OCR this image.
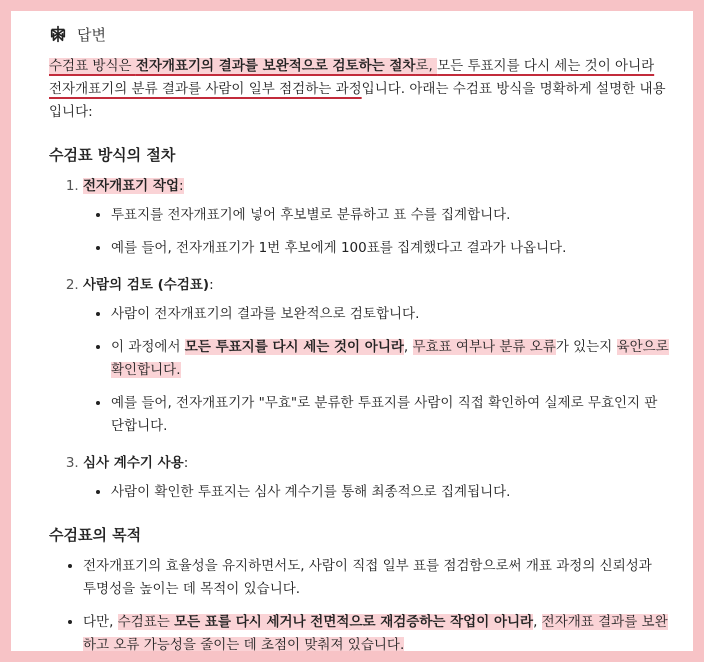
답변

수검표 방식은 전자개표기의 결과를 보완적으로 검토하는 절차로, 모든 투표지를 다시 세는 것이 아니라 전자개표기의 분류 결과를 사람이 일부 점검하는 과정입니다. 아래는 수검표 방식을 명확하게 설명한 내용입니다:

수검표 방식의 절차
1. 전자개표기 작업:
• 투표지를 전자개표기에 넣어 후보별로 분류하고 표 수를 집계합니다.
• 예를 들어, 전자개표기가 1번 후보에게 100표를 집계했다고 결과가 나옵니다.
2. 사람의 검토 (수검표):
• 사람이 전자개표기의 결과를 보완적으로 검토합니다.
• 이 과정에서 모든 투표지를 다시 세는 것이 아니라, 무효표 여부나 분류 오류가 있는지 육안으로 확인합니다.
• 예를 들어, 전자개표기가 "무효"로 분류한 투표지를 사람이 직접 확인하여 실제로 무효인지 판단합니다.
3. 심사 계수기 사용:
• 사람이 확인한 투표지는 심사 계수기를 통해 최종적으로 집계됩니다.
수검표의 목적
• 전자개표기의 효율성을 유지하면서도, 사람이 직접 일부 표를 점검함으로써 개표 과정의 신뢰성과 투명성을 높이는 데 목적이 있습니다.
• 다만, 수검표는 모든 표를 다시 세거나 전면적으로 재검증하는 작업이 아니라, 전자개표 결과를 보완하고 오류 가능성을 줄이는 데 초점이 맞춰져 있습니다.
